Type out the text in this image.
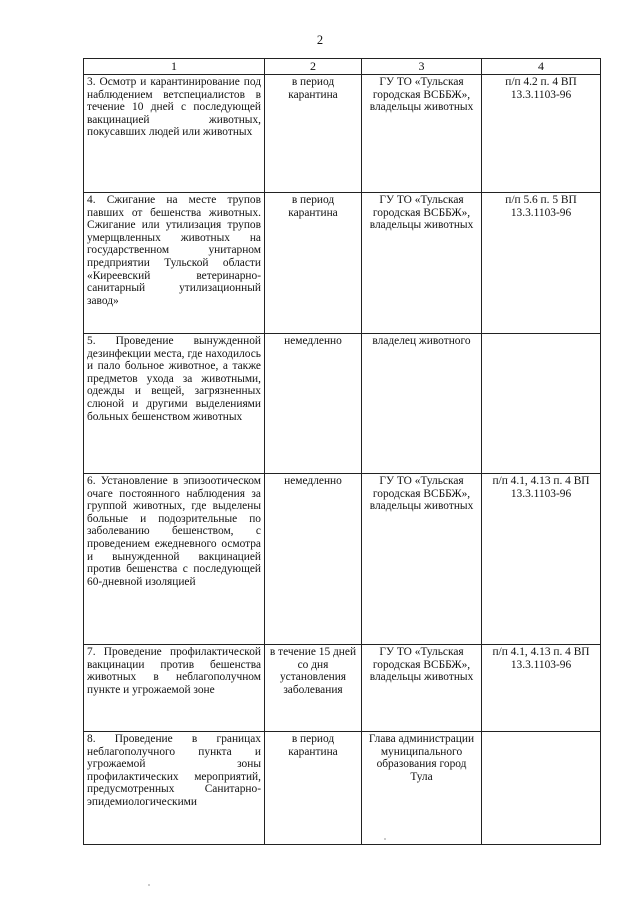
2
1	2	3	4
3. Осмотр и карантинирование под наблюдением ветспециалистов в течение 10 дней с последующей вакцинацией животных, покусавших людей или животных	в период карантина	ГУ ТО «Тульская городская ВСББЖ», владельцы животных	п/п 4.2 п. 4 ВП 13.3.1103-96
4. Сжигание на месте трупов павших от бешенства животных. Сжигание или утилизация трупов умерщвленных животных на государственном унитарном предприятии Тульской области «Киреевский ветеринарно-санитарный утилизационный завод»	в период карантина	ГУ ТО «Тульская городская ВСББЖ», владельцы животных	п/п 5.6 п. 5 ВП 13.3.1103-96
5. Проведение вынужденной дезинфекции места, где находилось и пало больное животное, а также предметов ухода за животными, одежды и вещей, загрязненных слюной и другими выделениями больных бешенством животных	немедленно	владелец животного	
6. Установление в эпизоотическом очаге постоянного наблюдения за группой животных, где выделены больные и подозрительные по заболеванию бешенством, с проведением ежедневного осмотра и вынужденной вакцинацией против бешенства с последующей 60-дневной изоляцией	немедленно	ГУ ТО «Тульская городская ВСББЖ», владельцы животных	п/п 4.1, 4.13 п. 4 ВП 13.3.1103-96
7. Проведение профилактической вакцинации против бешенства животных в неблагополучном пункте и угрожаемой зоне	в течение 15 дней со дня установления заболевания	ГУ ТО «Тульская городская ВСББЖ», владельцы животных	п/п 4.1, 4.13 п. 4 ВП 13.3.1103-96
8. Проведение в границах неблагополучного пункта и угрожаемой зоны профилактических мероприятий, предусмотренных Санитарно-эпидемиологическими	в период карантина	Глава администрации муниципального образования город Тула	
